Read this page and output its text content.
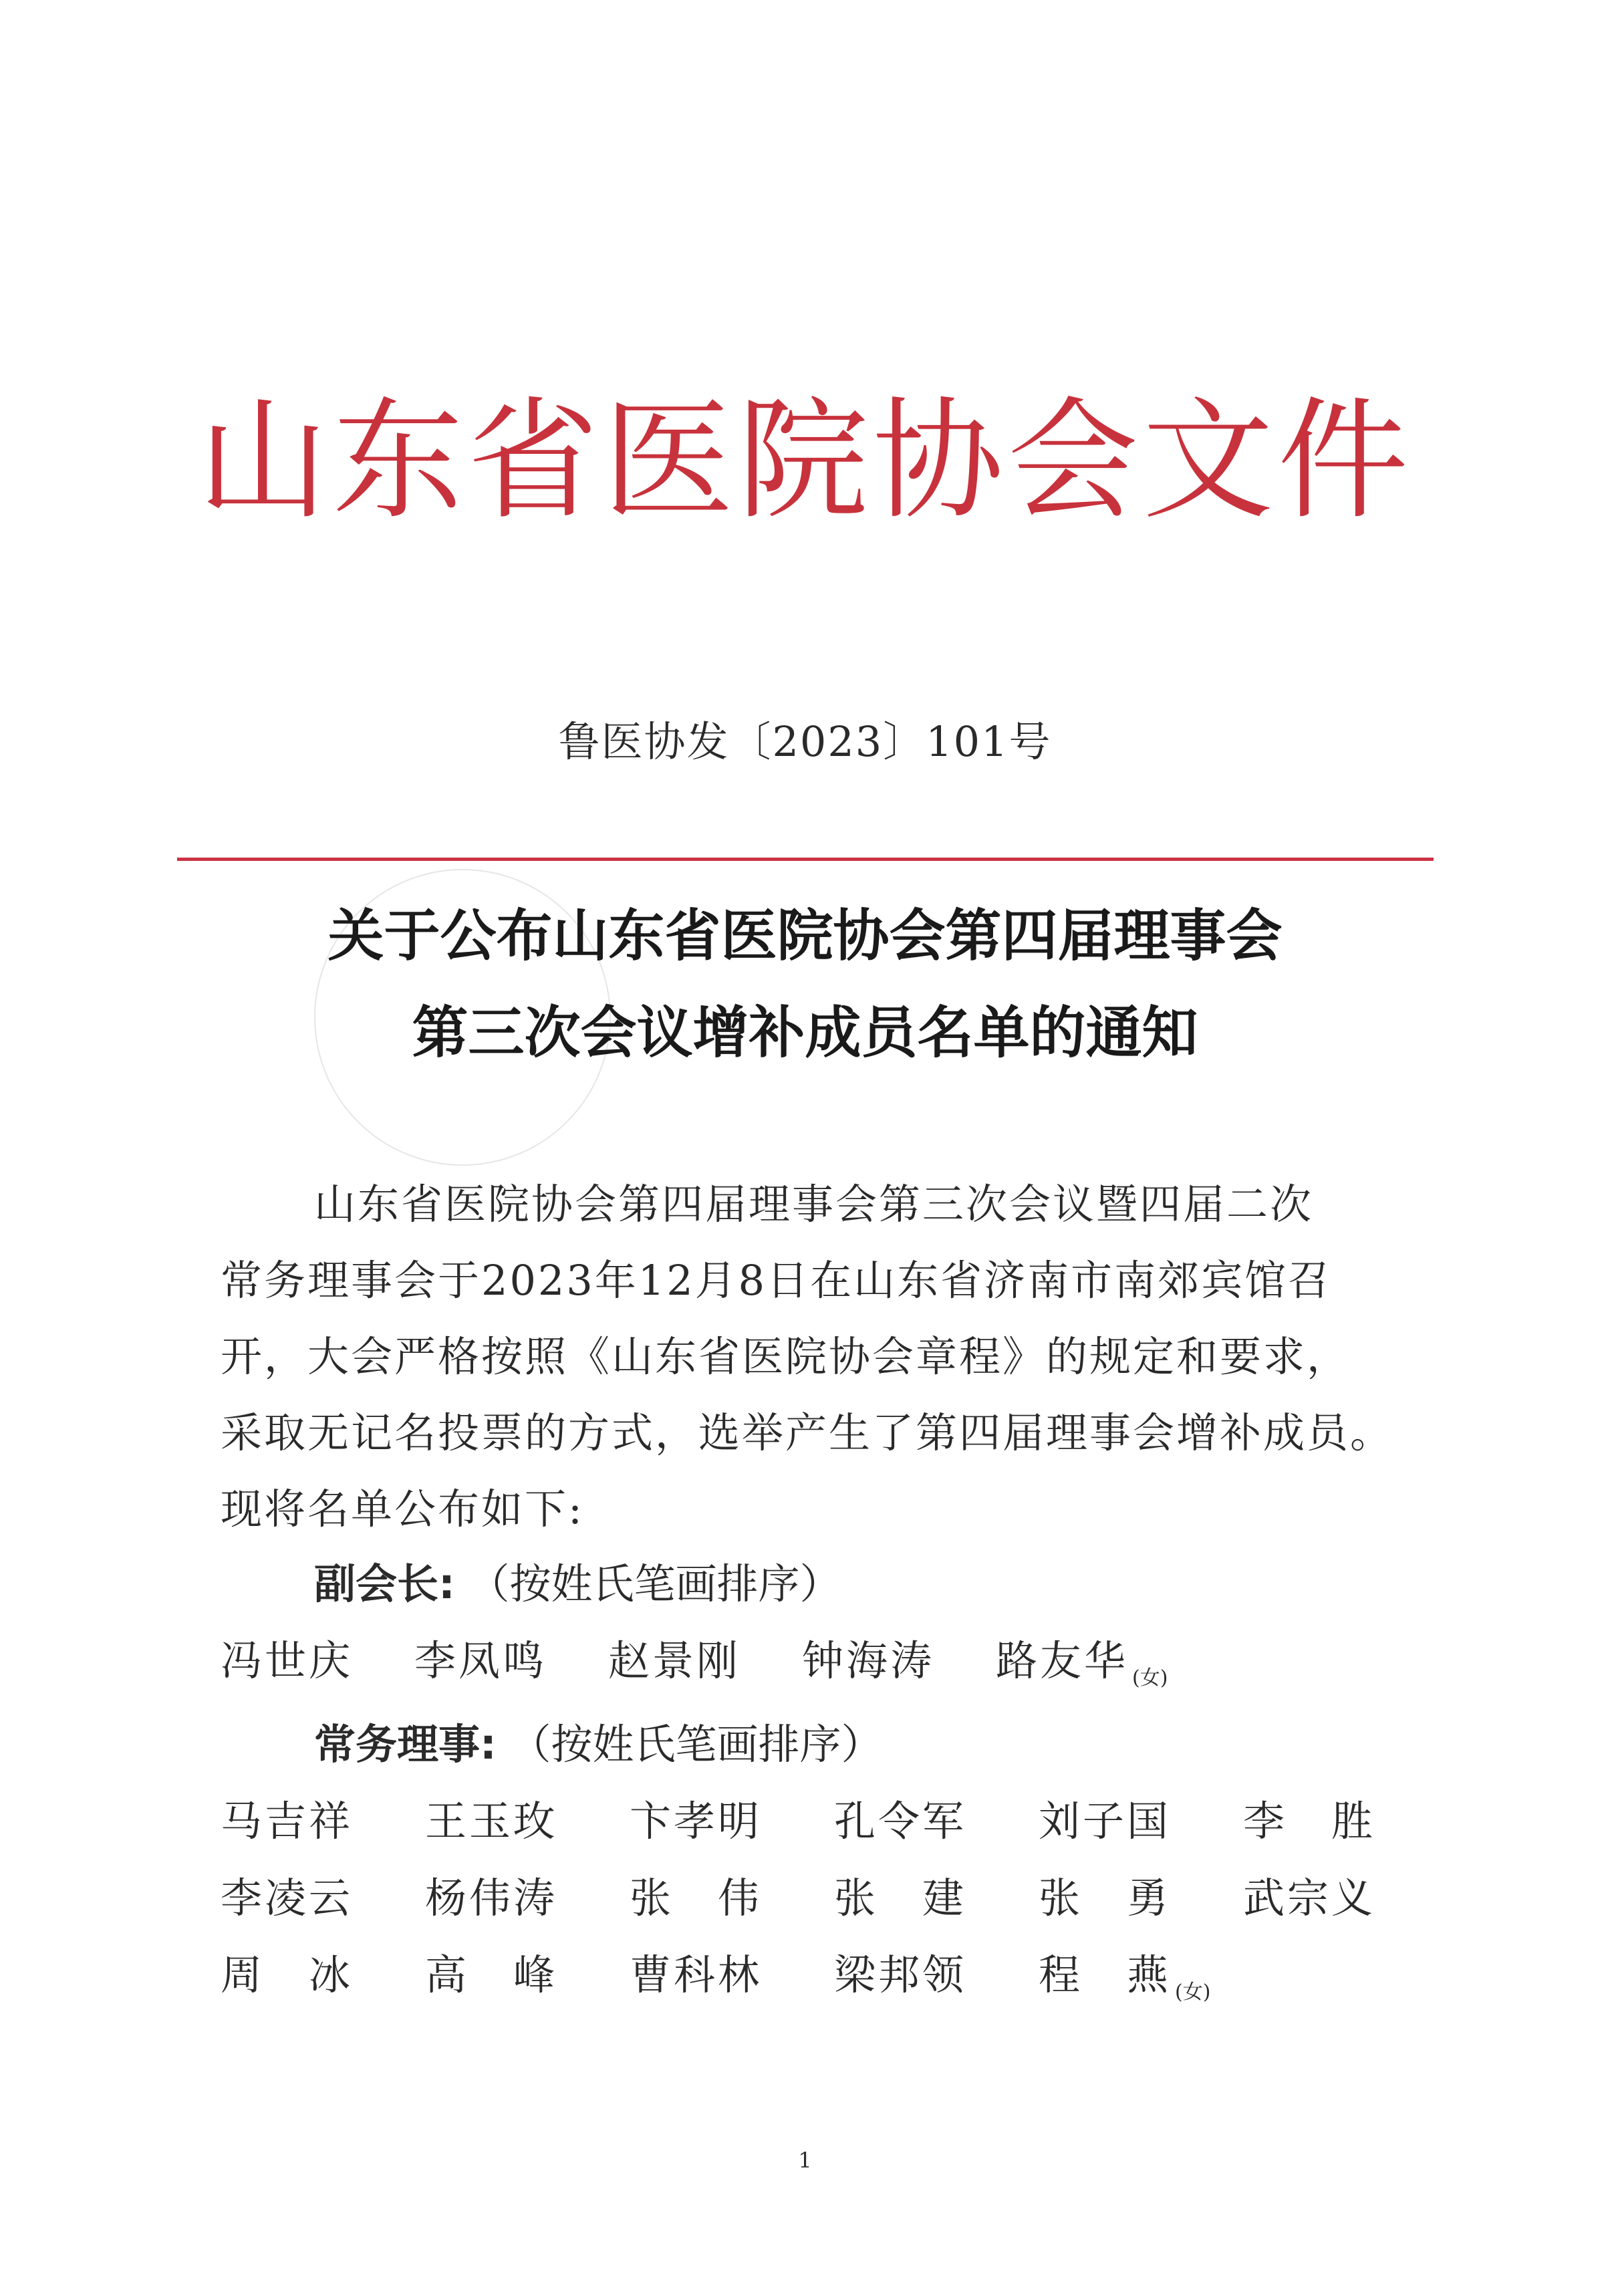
山东省医院协会文件
鲁医协发〔2023〕101号
关于公布山东省医院协会第四届理事会
第三次会议增补成员名单的通知
山东省医院协会第四届理事会第三次会议暨四届二次
常务理事会于2023年12月8日在山东省济南市南郊宾馆召
开，大会严格按照《山东省医院协会章程》的规定和要求，
采取无记名投票的方式，选举产生了第四届理事会增补成员。
现将名单公布如下:
副会长: （按姓氏笔画排序）
冯世庆	李凤鸣	赵景刚	钟海涛	路友华 $_{(女)}$
常务理事: （按姓氏笔画排序）
马吉祥	王玉玫	卞孝明	孔令军	刘子国	李　胜
李凌云	杨伟涛	张　伟	张　建	张　勇	武宗义
周　冰	高　峰	曹科林	梁邦领	程　燕 $_{(女)}$
1
